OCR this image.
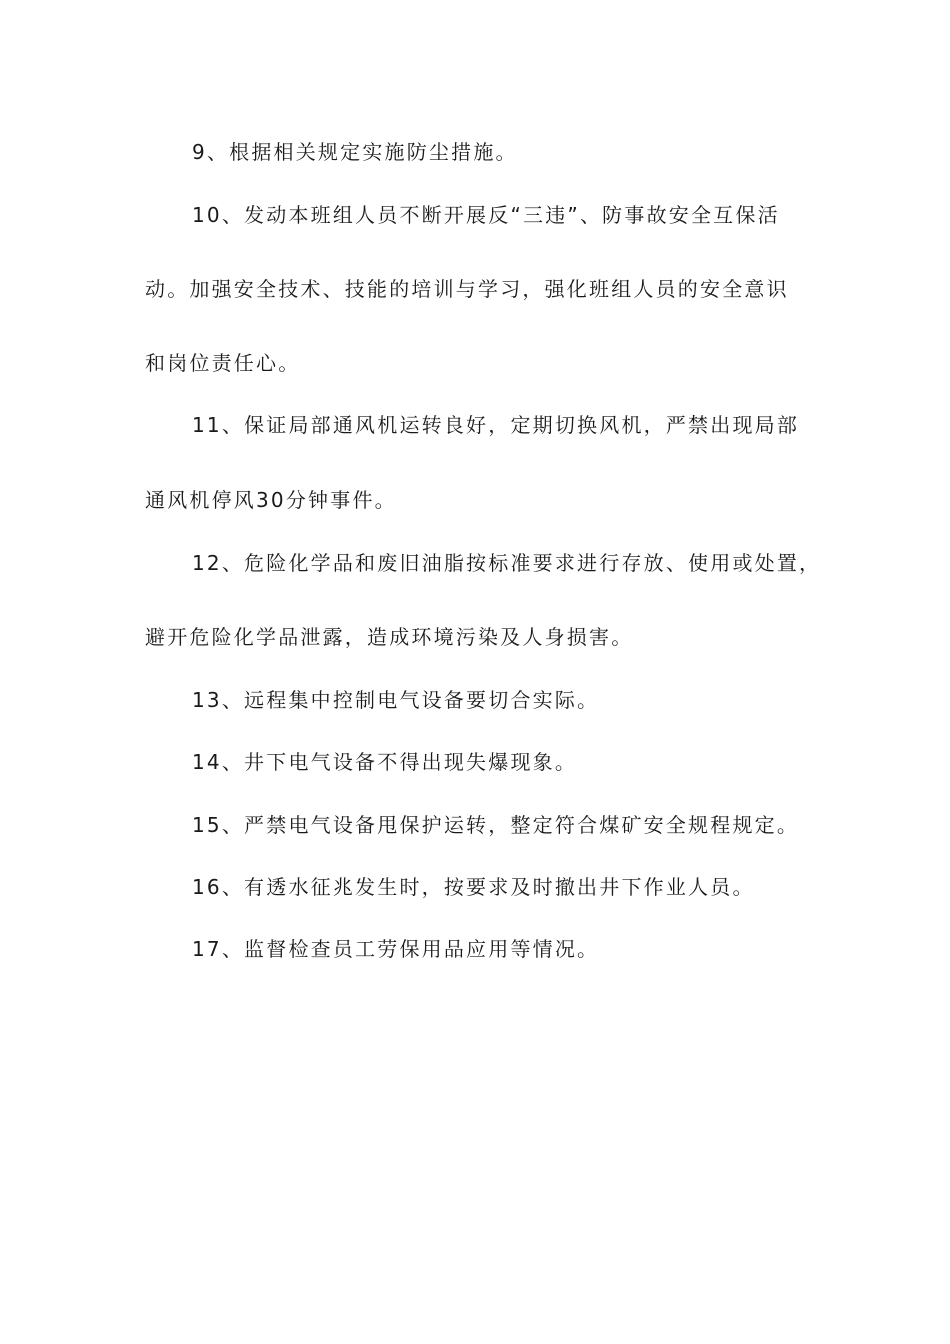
9、根据相关规定实施防尘措施。
10、发动本班组人员不断开展反“三违”、防事故安全互保活
动。加强安全技术、技能的培训与学习，强化班组人员的安全意识
和岗位责任心。
11、保证局部通风机运转良好，定期切换风机，严禁出现局部
通风机停风30分钟事件。
12、危险化学品和废旧油脂按标准要求进行存放、使用或处置，
避开危险化学品泄露，造成环境污染及人身损害。
13、远程集中控制电气设备要切合实际。
14、井下电气设备不得出现失爆现象。
15、严禁电气设备甩保护运转，整定符合煤矿安全规程规定。
16、有透水征兆发生时，按要求及时撤出井下作业人员。
17、监督检查员工劳保用品应用等情况。
